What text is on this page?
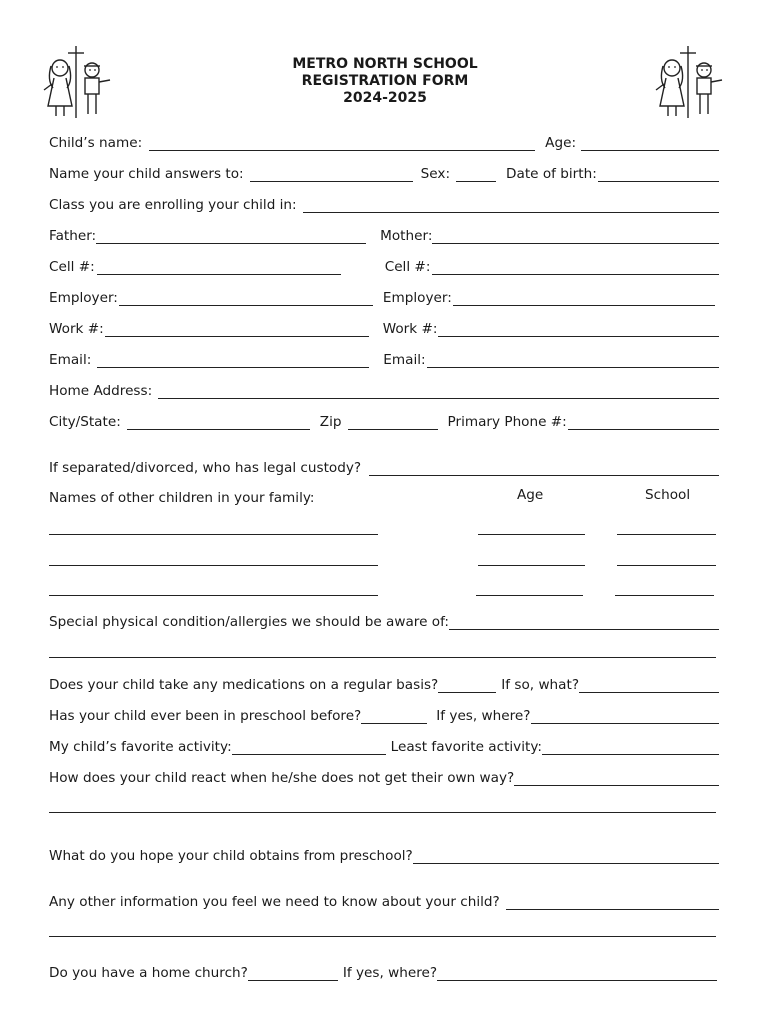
METRO NORTH SCHOOL
REGISTRATION FORM
2024-2025
Child’s name:	Age:
Name your child answers to:	Sex:	Date of birth:
Class you are enrolling your child in:
Father:	Mother:
Cell #:	Cell #:
Employer:	Employer:
Work #:	Work #:
Email:	Email:
Home Address:
City/State:	Zip	Primary Phone #:
If separated/divorced, who has legal custody?
Names of other children in your family:	Age	School
Special physical condition/allergies we should be aware of:
Does your child take any medications on a regular basis?	If so, what?
Has your child ever been in preschool before?	If yes, where?
My child’s favorite activity:	Least favorite activity:
How does your child react when he/she does not get their own way?
What do you hope your child obtains from preschool?
Any other information you feel we need to know about your child?
Do you have a home church?	If yes, where?
